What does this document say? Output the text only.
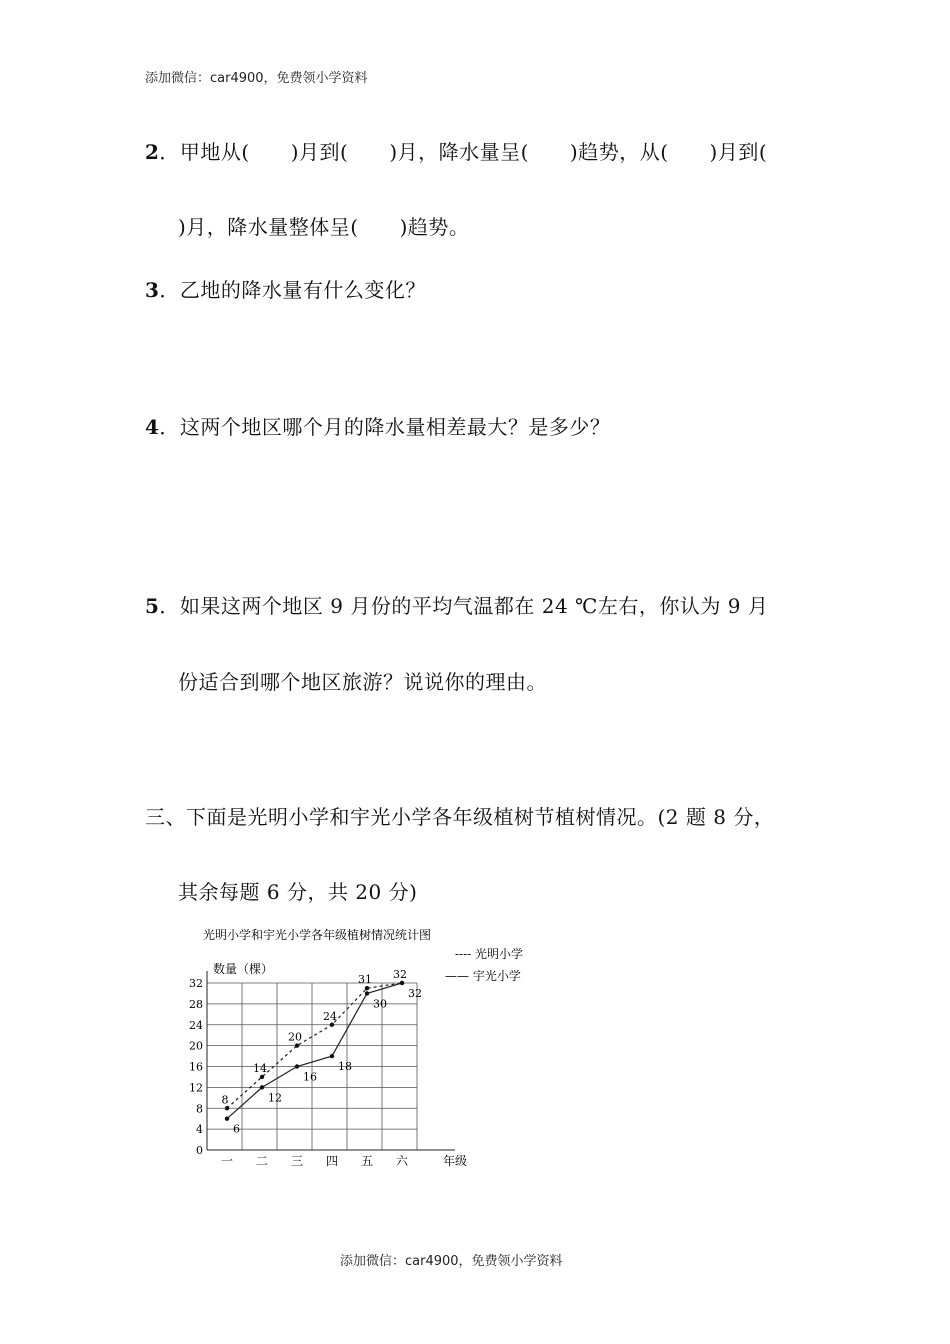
添加微信：car4900，免费领小学资料
2．甲地从(　　)月到(　　)月，降水量呈(　　)趋势，从(　　)月到(
)月，降水量整体呈(　　)趋势。
3．乙地的降水量有什么变化？
4．这两个地区哪个月的降水量相差最大？是多少？
5．如果这两个地区 9 月份的平均气温都在 24 ℃左右，你认为 9 月
份适合到哪个地区旅游？说说你的理由。
三、下面是光明小学和宇光小学各年级植树节植树情况。(2 题 8 分，
其余每题 6 分，共 20 分)
光明小学和宇光小学各年级植树情况统计图
数量（棵）
---- 光明小学
—— 宇光小学
年级
0
4
8
12
16
20
24
28
32
一 二 三 四 五 六
8
14
20
24
31 32
6
12
16
18
30
32
添加微信：car4900，免费领小学资料
